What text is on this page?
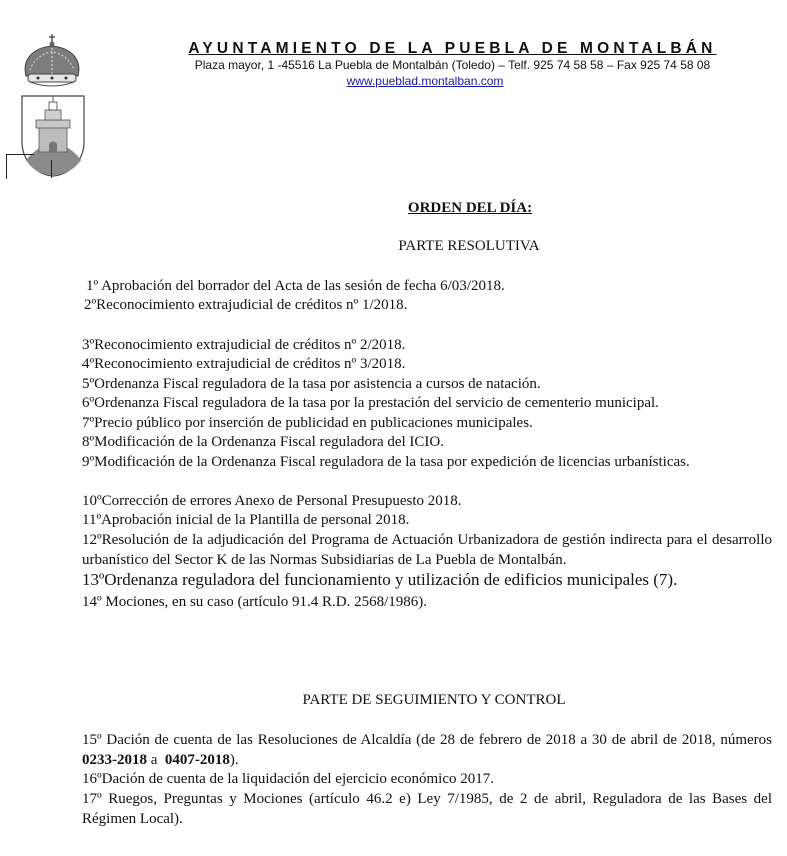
AYUNTAMIENTO DE LA PUEBLA DE MONTALBÁN
Plaza mayor, 1 -45516 La Puebla de Montalbán (Toledo) – Telf. 925 74 58 58 – Fax 925 74 58 08
www.pueblad.montalban.com
ORDEN DEL DÍA:
PARTE RESOLUTIVA
1º Aprobación del borrador del Acta de las sesión de fecha 6/03/2018.
2ºReconocimiento extrajudicial de créditos nº 1/2018.
3ºReconocimiento extrajudicial de créditos nº 2/2018.
4ºReconocimiento extrajudicial de créditos nº 3/2018.
5ºOrdenanza Fiscal reguladora de la tasa por asistencia a cursos de natación.
6ºOrdenanza Fiscal reguladora de la tasa por la prestación del servicio de cementerio municipal.
7ºPrecio público por inserción de publicidad en publicaciones municipales.
8ºModificación de la Ordenanza Fiscal reguladora del ICIO.
9ºModificación de la Ordenanza Fiscal reguladora de la tasa por expedición de licencias urbanísticas.
10ºCorrección de errores Anexo de Personal Presupuesto 2018.
11ºAprobación inicial de la Plantilla de personal 2018.
12ºResolución de la adjudicación del Programa de Actuación Urbanizadora de gestión indirecta para el desarrollo urbanístico del Sector K de las Normas Subsidiarias de La Puebla de Montalbán.
13ºOrdenanza reguladora del funcionamiento y utilización de edificios municipales (7).
14º Mociones, en su caso (artículo 91.4 R.D. 2568/1986).
PARTE DE SEGUIMIENTO Y CONTROL
15º Dación de cuenta de las Resoluciones de Alcaldía (de 28 de febrero de 2018 a 30 de abril de 2018, números 0233-2018 a  0407-2018).
16ºDación de cuenta de la liquidación del ejercicio económico 2017.
17º Ruegos, Preguntas y Mociones (artículo 46.2 e) Ley 7/1985, de 2 de abril, Reguladora de las Bases del Régimen Local).
